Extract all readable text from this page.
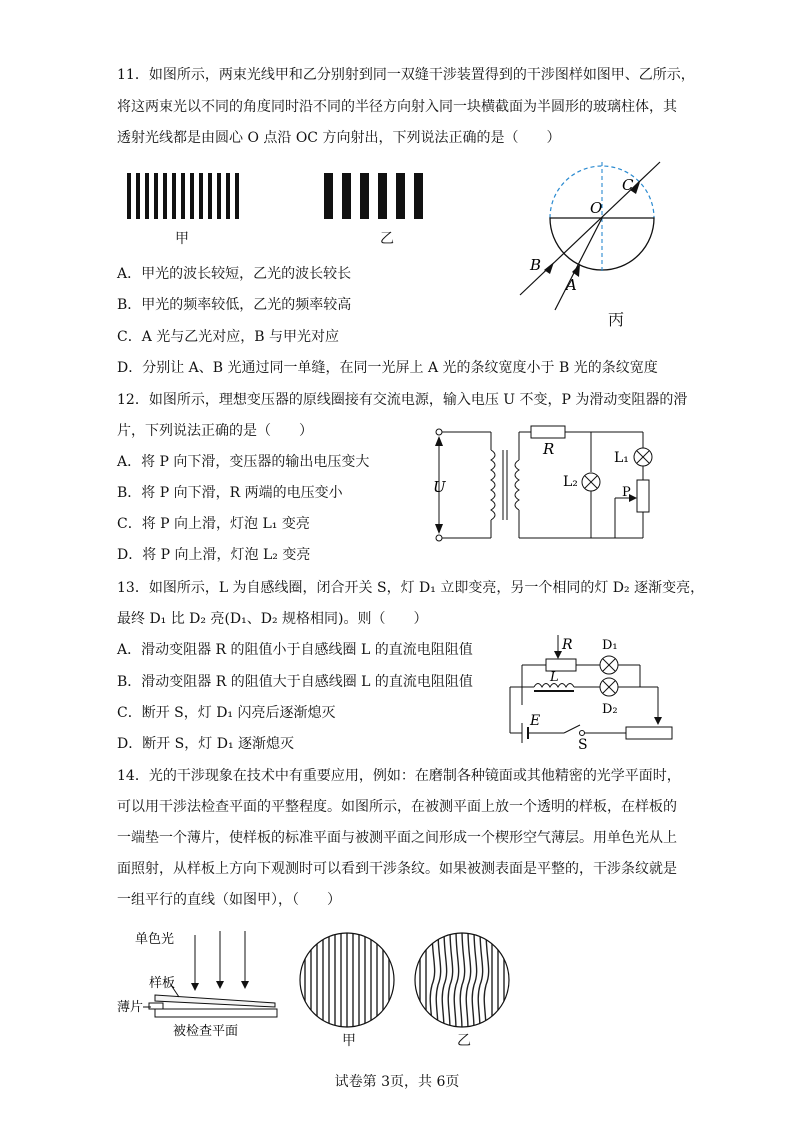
11．如图所示，两束光线甲和乙分别射到同一双缝干涉装置得到的干涉图样如图甲、乙所示，
将这两束光以不同的角度同时沿不同的半径方向射入同一块横截面为半圆形的玻璃柱体，其
透射光线都是由圆心 O 点沿 OC 方向射出，下列说法正确的是（　　）
甲	乙
O
C
B
A
丙
A．甲光的波长较短，乙光的波长较长
B．甲光的频率较低，乙光的频率较高
C．A 光与乙光对应，B 与甲光对应
D．分别让 A、B 光通过同一单缝，在同一光屏上 A 光的条纹宽度小于 B 光的条纹宽度
12．如图所示，理想变压器的原线圈接有交流电源，输入电压 U 不变，P 为滑动变阻器的滑
片，下列说法正确的是（　　）
A．将 P 向下滑，变压器的输出电压变大
B．将 P 向下滑，R 两端的电压变小
C．将 P 向上滑，灯泡 L₁ 变亮
D．将 P 向上滑，灯泡 L₂ 变亮
U
R
L₂
L₁
P
13．如图所示，L 为自感线圈，闭合开关 S，灯 D₁ 立即变亮，另一个相同的灯 D₂ 逐渐变亮，
最终 D₁ 比 D₂ 亮(D₁、D₂ 规格相同)。则（　　）
A．滑动变阻器 R 的阻值小于自感线圈 L 的直流电阻阻值
B．滑动变阻器 R 的阻值大于自感线圈 L 的直流电阻阻值
C．断开 S，灯 D₁ 闪亮后逐渐熄灭
D．断开 S，灯 D₁ 逐渐熄灭
R D₁
L
D₂
E
S
14．光的干涉现象在技术中有重要应用，例如：在磨制各种镜面或其他精密的光学平面时，
可以用干涉法检查平面的平整程度。如图所示，在被测平面上放一个透明的样板，在样板的
一端垫一个薄片，使样板的标准平面与被测平面之间形成一个楔形空气薄层。用单色光从上
面照射，从样板上方向下观测时可以看到干涉条纹。如果被测表面是平整的，干涉条纹就是
一组平行的直线（如图甲），（　　）
单色光
样板
薄片
被检查平面
甲	乙
试卷第 3页，共 6页
